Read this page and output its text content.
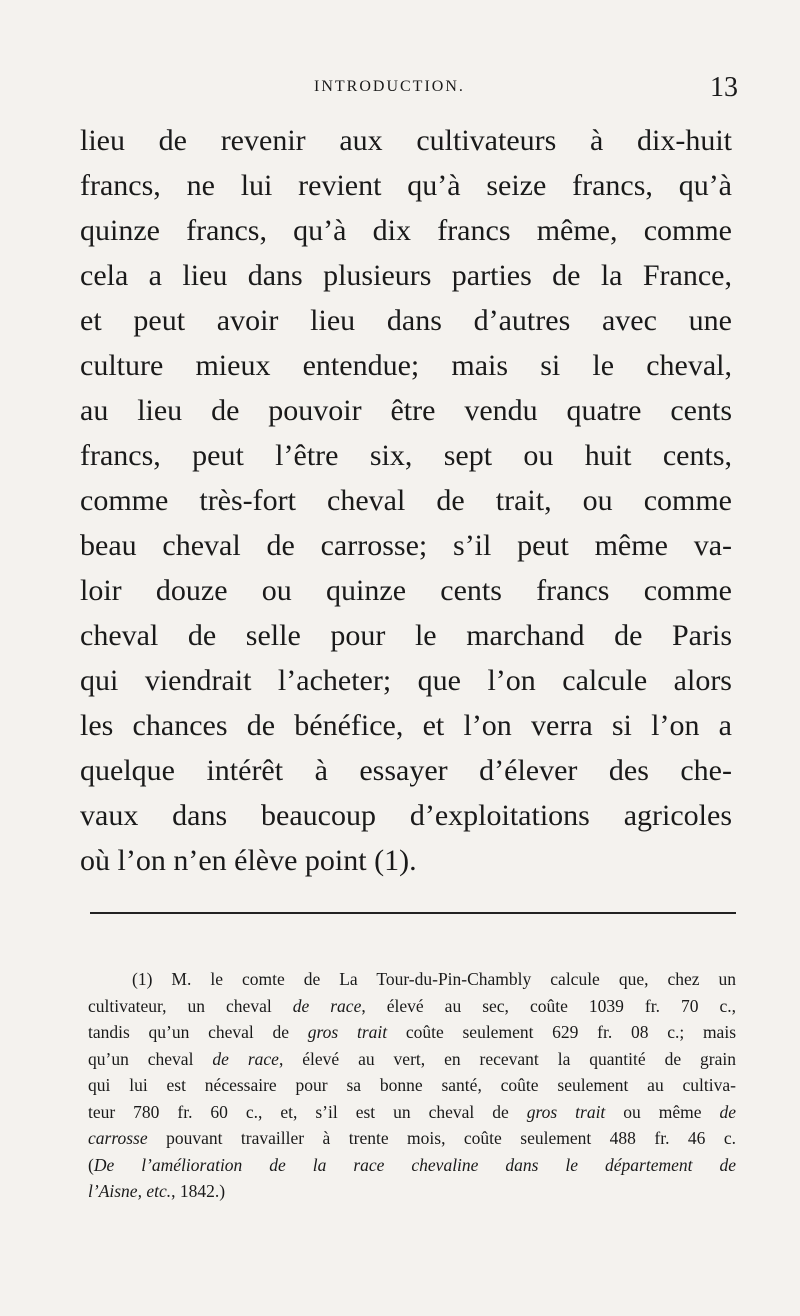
INTRODUCTION.	13
lieu de revenir aux cultivateurs à dix-huit
francs, ne lui revient qu’à seize francs, qu’à
quinze francs, qu’à dix francs même, comme
cela a lieu dans plusieurs parties de la France,
et peut avoir lieu dans d’autres avec une
culture mieux entendue; mais si le cheval,
au lieu de pouvoir être vendu quatre cents
francs, peut l’être six, sept ou huit cents,
comme très-fort cheval de trait, ou comme
beau cheval de carrosse; s’il peut même va-
loir douze ou quinze cents francs comme
cheval de selle pour le marchand de Paris
qui viendrait l’acheter; que l’on calcule alors
les chances de bénéfice, et l’on verra si l’on a
quelque intérêt à essayer d’élever des che-
vaux dans beaucoup d’exploitations agricoles
où l’on n’en élève point (1).
(1) M. le comte de La Tour-du-Pin-Chambly calcule que, chez un
cultivateur, un cheval de race, élevé au sec, coûte 1039 fr. 70 c.,
tandis qu’un cheval de gros trait coûte seulement 629 fr. 08 c.; mais
qu’un cheval de race, élevé au vert, en recevant la quantité de grain
qui lui est nécessaire pour sa bonne santé, coûte seulement au cultiva-
teur 780 fr. 60 c., et, s’il est un cheval de gros trait ou même de
carrosse pouvant travailler à trente mois, coûte seulement 488 fr. 46 c.
(De l’amélioration de la race chevaline dans le département de
l’Aisne, etc., 1842.)
